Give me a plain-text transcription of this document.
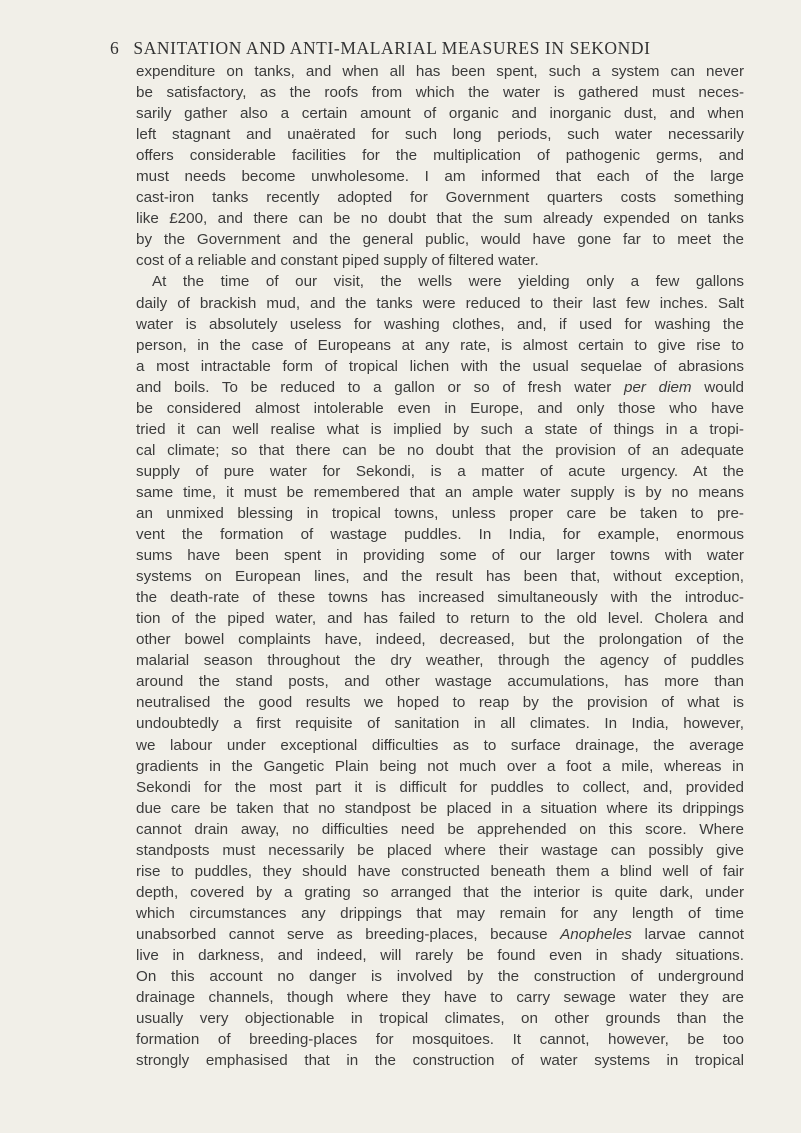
6 SANITATION AND ANTI-MALARIAL MEASURES IN SEKONDI
expenditure on tanks, and when all has been spent, such a system can never
be satisfactory, as the roofs from which the water is gathered must neces-
sarily gather also a certain amount of organic and inorganic dust, and when
left stagnant and unaërated for such long periods, such water necessarily
offers considerable facilities for the multiplication of pathogenic germs, and
must needs become unwholesome. I am informed that each of the large
cast-iron tanks recently adopted for Government quarters costs something
like £200, and there can be no doubt that the sum already expended on tanks
by the Government and the general public, would have gone far to meet the
cost of a reliable and constant piped supply of filtered water.
At the time of our visit, the wells were yielding only a few gallons
daily of brackish mud, and the tanks were reduced to their last few inches. Salt
water is absolutely useless for washing clothes, and, if used for washing the
person, in the case of Europeans at any rate, is almost certain to give rise to
a most intractable form of tropical lichen with the usual sequelae of abrasions
and boils. To be reduced to a gallon or so of fresh water per diem would
be considered almost intolerable even in Europe, and only those who have
tried it can well realise what is implied by such a state of things in a tropi-
cal climate; so that there can be no doubt that the provision of an adequate
supply of pure water for Sekondi, is a matter of acute urgency. At the
same time, it must be remembered that an ample water supply is by no means
an unmixed blessing in tropical towns, unless proper care be taken to pre-
vent the formation of wastage puddles. In India, for example, enormous
sums have been spent in providing some of our larger towns with water
systems on European lines, and the result has been that, without exception,
the death-rate of these towns has increased simultaneously with the introduc-
tion of the piped water, and has failed to return to the old level. Cholera and
other bowel complaints have, indeed, decreased, but the prolongation of the
malarial season throughout the dry weather, through the agency of puddles
around the stand posts, and other wastage accumulations, has more than
neutralised the good results we hoped to reap by the provision of what is
undoubtedly a first requisite of sanitation in all climates. In India, however,
we labour under exceptional difficulties as to surface drainage, the average
gradients in the Gangetic Plain being not much over a foot a mile, whereas in
Sekondi for the most part it is difficult for puddles to collect, and, provided
due care be taken that no standpost be placed in a situation where its drippings
cannot drain away, no difficulties need be apprehended on this score. Where
standposts must necessarily be placed where their wastage can possibly give
rise to puddles, they should have constructed beneath them a blind well of fair
depth, covered by a grating so arranged that the interior is quite dark, under
which circumstances any drippings that may remain for any length of time
unabsorbed cannot serve as breeding-places, because Anopheles larvae cannot
live in darkness, and indeed, will rarely be found even in shady situations.
On this account no danger is involved by the construction of underground
drainage channels, though where they have to carry sewage water they are
usually very objectionable in tropical climates, on other grounds than the
formation of breeding-places for mosquitoes. It cannot, however, be too
strongly emphasised that in the construction of water systems in tropical
